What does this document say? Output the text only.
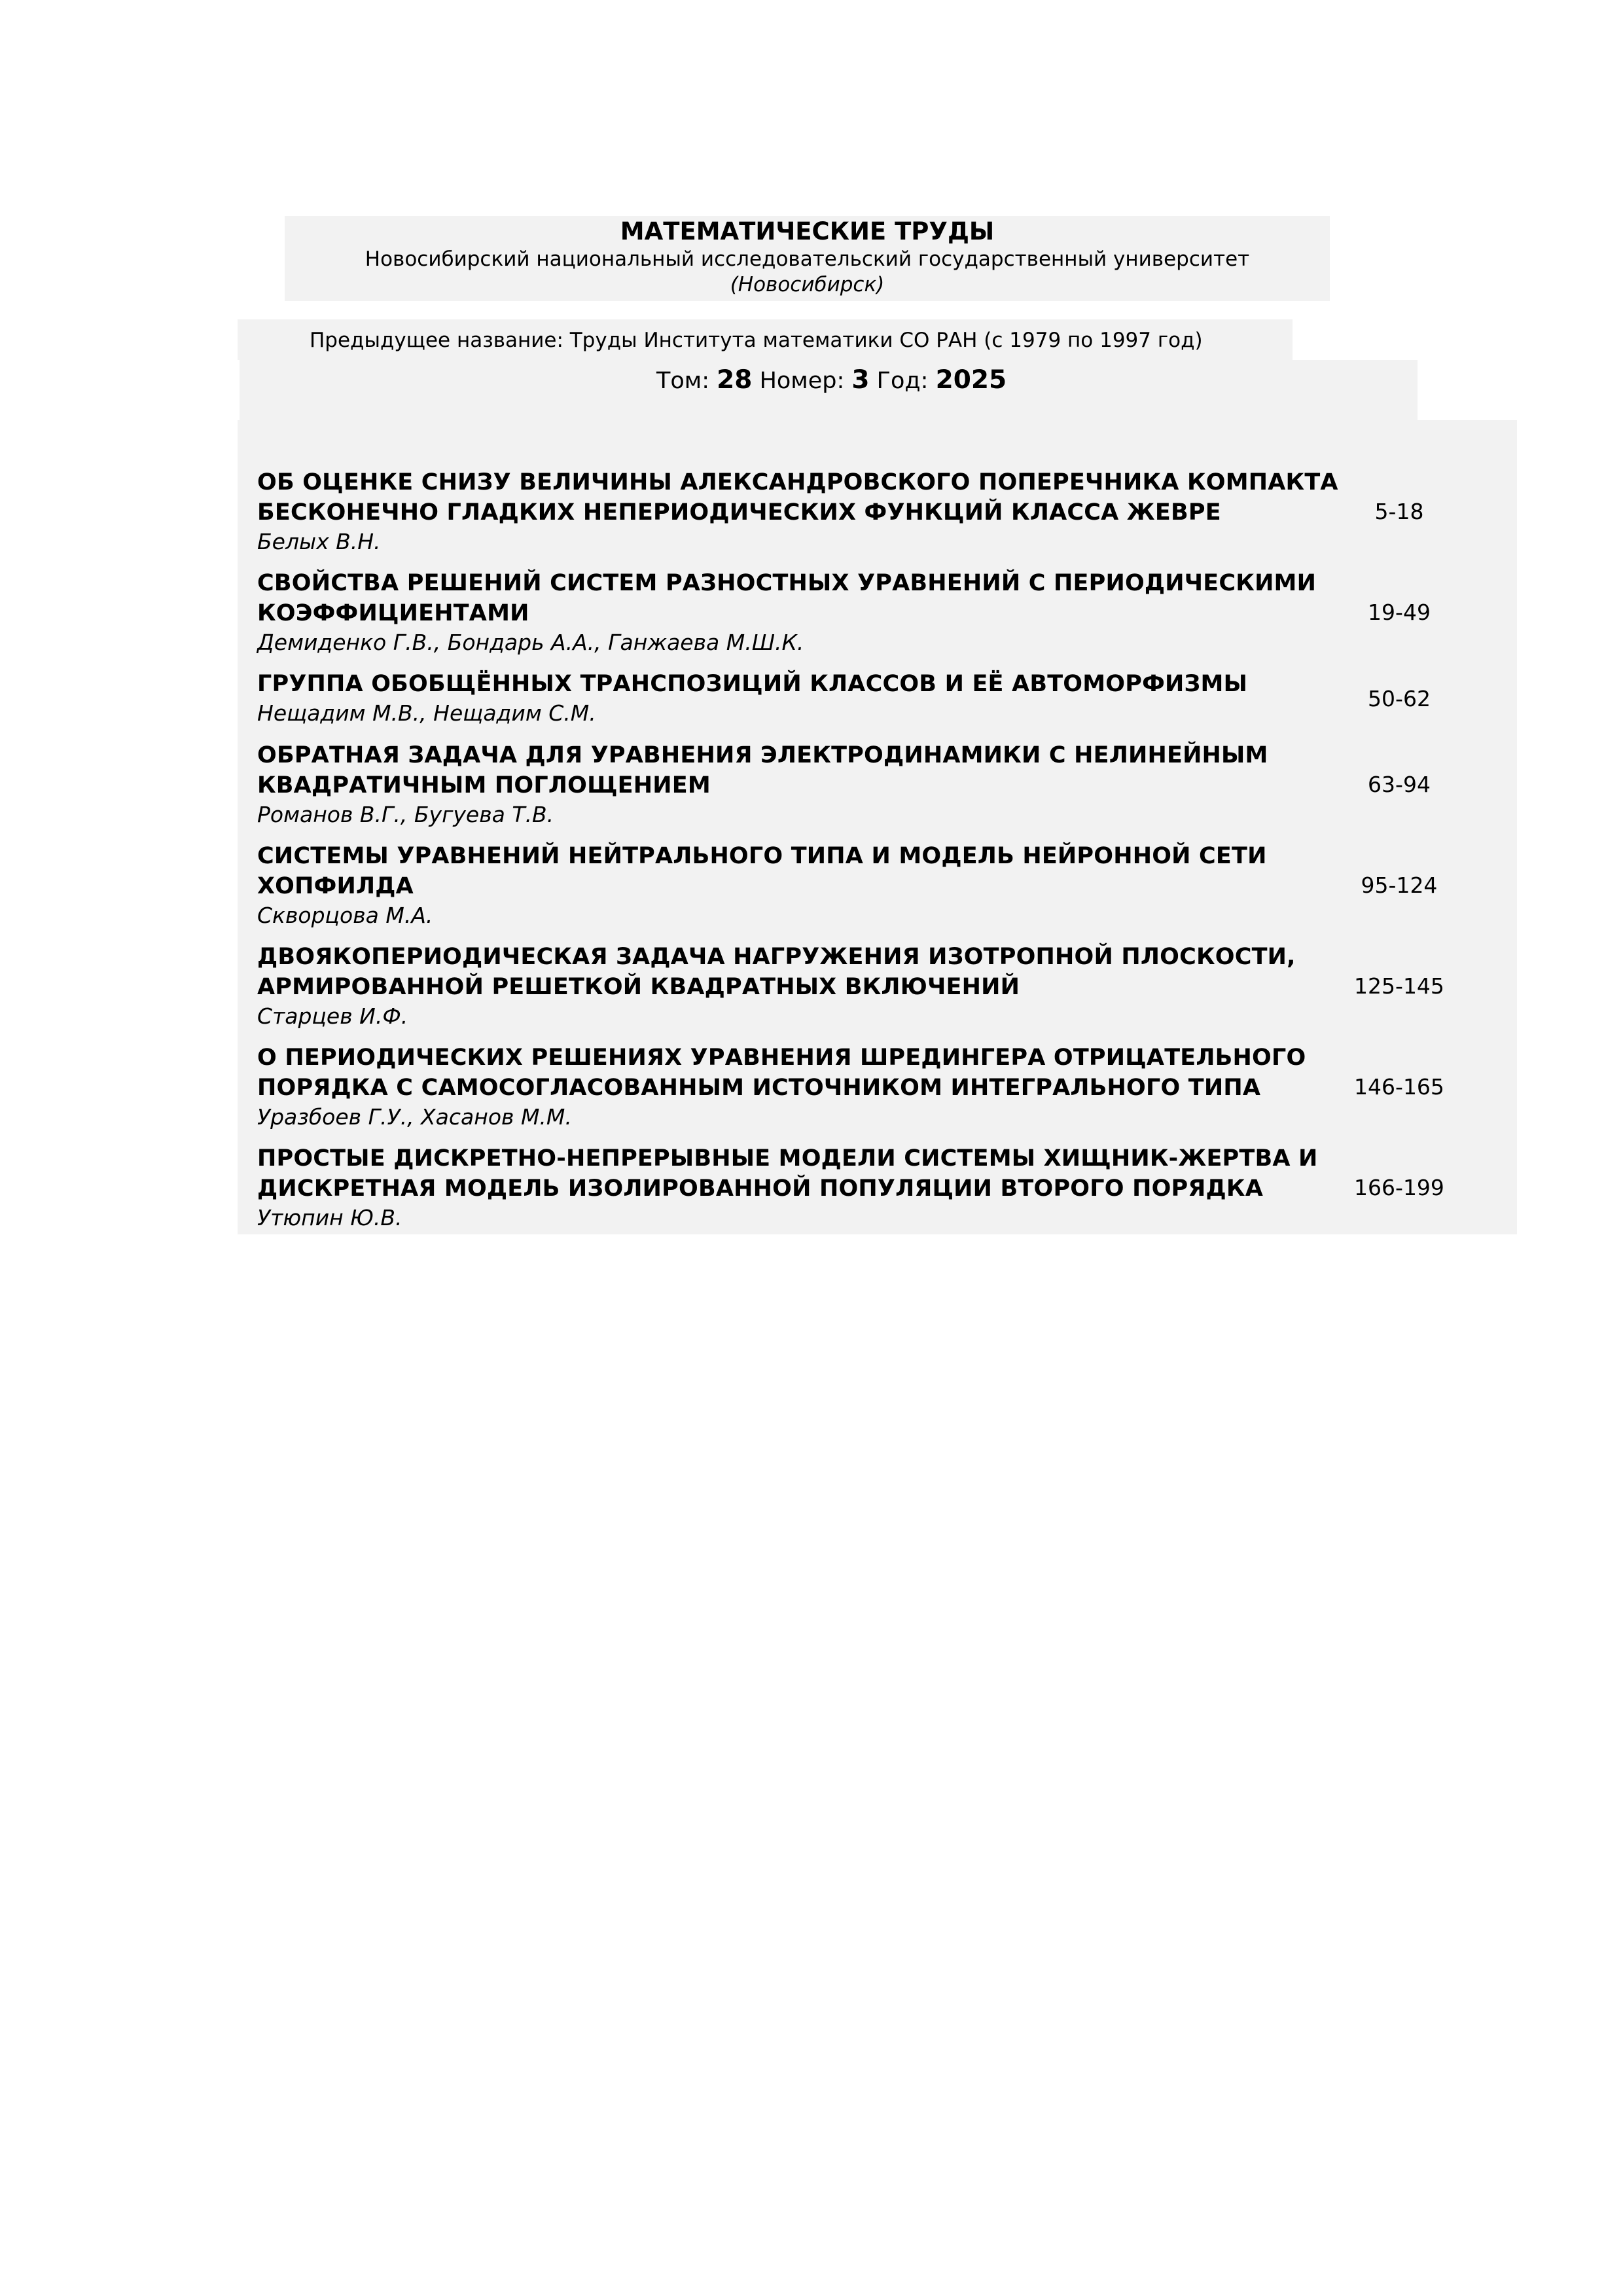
МАТЕМАТИЧЕСКИЕ ТРУДЫ
Новосибирский национальный исследовательский государственный университет
(Новосибирск)
Предыдущее название: Труды Института математики СО РАН (с 1979 по 1997 год)
Том: 28 Номер: 3 Год: 2025
ОБ ОЦЕНКЕ СНИЗУ ВЕЛИЧИНЫ АЛЕКСАНДРОВСКОГО ПОПЕРЕЧНИКА КОМПАКТА
БЕСКОНЕЧНО ГЛАДКИХ НЕПЕРИОДИЧЕСКИХ ФУНКЦИЙ КЛАССА ЖЕВРЕ
Белых В.Н.
5-18
СВОЙСТВА РЕШЕНИЙ СИСТЕМ РАЗНОСТНЫХ УРАВНЕНИЙ С ПЕРИОДИЧЕСКИМИ
КОЭФФИЦИЕНТАМИ
Демиденко Г.В., Бондарь А.А., Ганжаева М.Ш.К.
19-49
ГРУППА ОБОБЩЁННЫХ ТРАНСПОЗИЦИЙ КЛАССОВ И ЕЁ АВТОМОРФИЗМЫ
Нещадим М.В., Нещадим С.М.
50-62
ОБРАТНАЯ ЗАДАЧА ДЛЯ УРАВНЕНИЯ ЭЛЕКТРОДИНАМИКИ С НЕЛИНЕЙНЫМ
КВАДРАТИЧНЫМ ПОГЛОЩЕНИЕМ
Романов В.Г., Бугуева Т.В.
63-94
СИСТЕМЫ УРАВНЕНИЙ НЕЙТРАЛЬНОГО ТИПА И МОДЕЛЬ НЕЙРОННОЙ СЕТИ
ХОПФИЛДА
Скворцова М.А.
95-124
ДВОЯКОПЕРИОДИЧЕСКАЯ ЗАДАЧА НАГРУЖЕНИЯ ИЗОТРОПНОЙ ПЛОСКОСТИ,
АРМИРОВАННОЙ РЕШЕТКОЙ КВАДРАТНЫХ ВКЛЮЧЕНИЙ
Старцев И.Ф.
125-145
О ПЕРИОДИЧЕСКИХ РЕШЕНИЯХ УРАВНЕНИЯ ШРЕДИНГЕРА ОТРИЦАТЕЛЬНОГО
ПОРЯДКА С САМОСОГЛАСОВАННЫМ ИСТОЧНИКОМ ИНТЕГРАЛЬНОГО ТИПА
Уразбоев Г.У., Хасанов М.М.
146-165
ПРОСТЫЕ ДИСКРЕТНО-НЕПРЕРЫВНЫЕ МОДЕЛИ СИСТЕМЫ ХИЩНИК-ЖЕРТВА И
ДИСКРЕТНАЯ МОДЕЛЬ ИЗОЛИРОВАННОЙ ПОПУЛЯЦИИ ВТОРОГО ПОРЯДКА
Утюпин Ю.В.
166-199
